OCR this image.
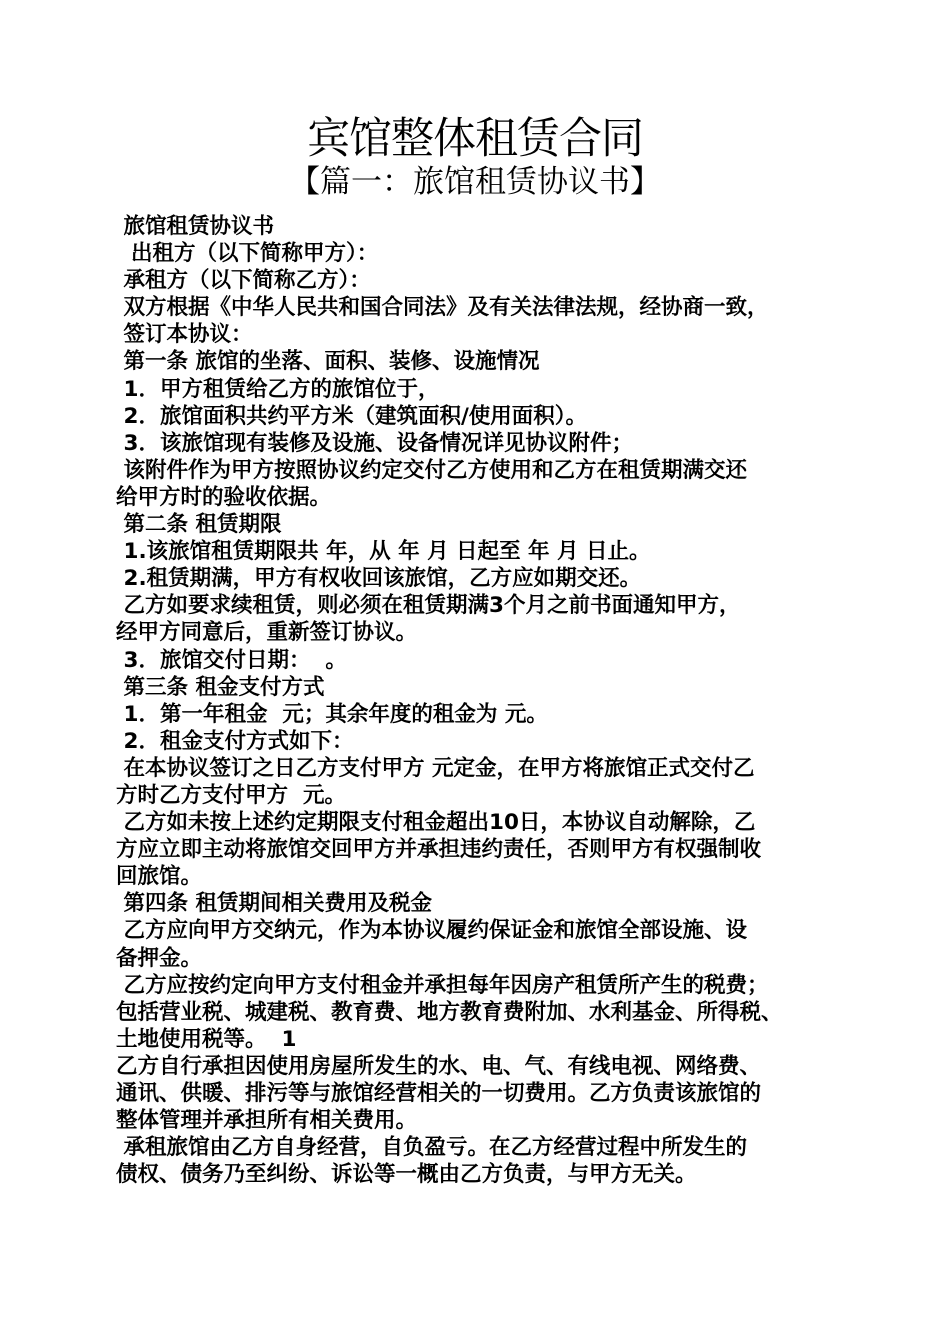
宾馆整体租赁合同
【篇一：旅馆租赁协议书】
旅馆租赁协议书
出租方（以下简称甲方）：
承租方（以下简称乙方）：
双方根据《中华人民共和国合同法》及有关法律法规，经协商一致，
签订本协议：
第一条 旅馆的坐落、面积、装修、设施情况
1．甲方租赁给乙方的旅馆位于，
2．旅馆面积共约平方米（建筑面积/使用面积）。
3．该旅馆现有装修及设施、设备情况详见协议附件；
该附件作为甲方按照协议约定交付乙方使用和乙方在租赁期满交还
给甲方时的验收依据。
第二条 租赁期限
1.该旅馆租赁期限共 年，从 年 月 日起至 年 月 日止。
2.租赁期满，甲方有权收回该旅馆，乙方应如期交还。
乙方如要求续租赁，则必须在租赁期满3个月之前书面通知甲方，
经甲方同意后，重新签订协议。
3．旅馆交付日期：  。
第三条 租金支付方式
1．第一年租金  元；其余年度的租金为 元。
2．租金支付方式如下：
在本协议签订之日乙方支付甲方 元定金，在甲方将旅馆正式交付乙
方时乙方支付甲方  元。
乙方如未按上述约定期限支付租金超出10日，本协议自动解除，乙
方应立即主动将旅馆交回甲方并承担违约责任，否则甲方有权强制收
回旅馆。
第四条 租赁期间相关费用及税金
乙方应向甲方交纳元，作为本协议履约保证金和旅馆全部设施、设
备押金。
乙方应按约定向甲方支付租金并承担每年因房产租赁所产生的税费；
包括营业税、城建税、教育费、地方教育费附加、水利基金、所得税、
土地使用税等。  1
乙方自行承担因使用房屋所发生的水、电、气、有线电视、网络费、
通讯、供暖、排污等与旅馆经营相关的一切费用。乙方负责该旅馆的
整体管理并承担所有相关费用。
承租旅馆由乙方自身经营，自负盈亏。在乙方经营过程中所发生的
债权、债务乃至纠纷、诉讼等一概由乙方负责，与甲方无关。
